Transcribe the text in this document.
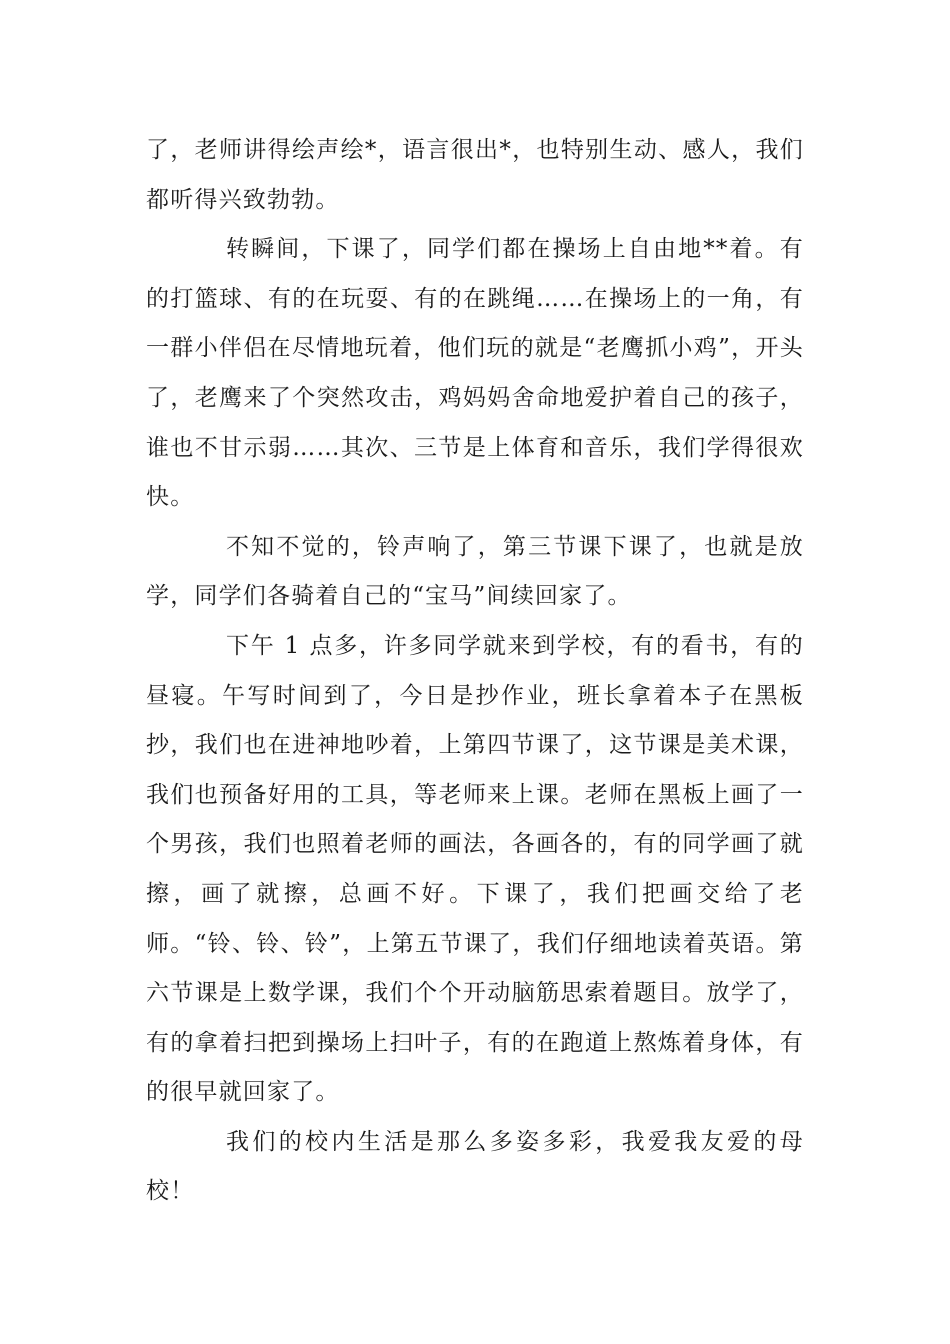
了，老师讲得绘声绘*，语言很出*，也特别生动、感人，我们都听得兴致勃勃。

转瞬间，下课了，同学们都在操场上自由地**着。有的打篮球、有的在玩耍、有的在跳绳……在操场上的一角，有一群小伴侣在尽情地玩着，他们玩的就是“老鹰抓小鸡”，开头了，老鹰来了个突然攻击，鸡妈妈舍命地爱护着自己的孩子，谁也不甘示弱……其次、三节是上体育和音乐，我们学得很欢快。

不知不觉的，铃声响了，第三节课下课了，也就是放学，同学们各骑着自己的“宝马”间续回家了。

下午 1 点多，许多同学就来到学校，有的看书，有的昼寝。午写时间到了，今日是抄作业，班长拿着本子在黑板抄，我们也在进神地吵着，上第四节课了，这节课是美术课，我们也预备好用的工具，等老师来上课。老师在黑板上画了一个男孩，我们也照着老师的画法，各画各的，有的同学画了就擦，画了就擦，总画不好。下课了，我们把画交给了老师。“铃、铃、铃”，上第五节课了，我们仔细地读着英语。第六节课是上数学课，我们个个开动脑筋思索着题目。放学了，有的拿着扫把到操场上扫叶子，有的在跑道上熬炼着身体，有的很早就回家了。

我们的校内生活是那么多姿多彩，我爱我友爱的母校！
